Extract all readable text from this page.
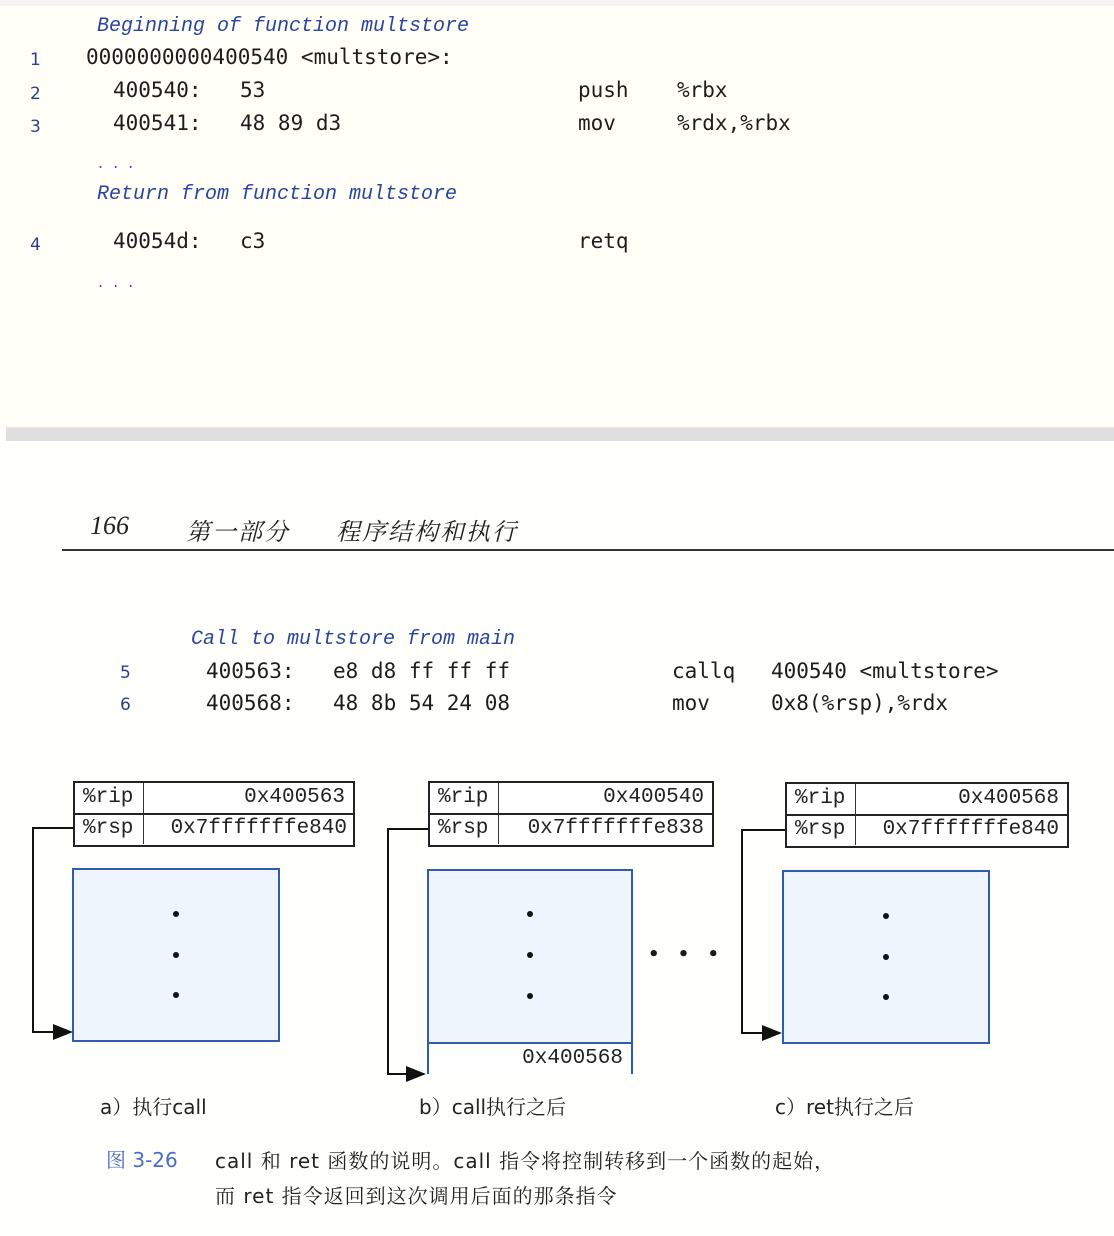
Beginning of function multstore
1 0000000000400540 <multstore>:
2	400540: 53	push %rbx
3	400541: 48 89 d3	mov	%rdx,%rbx
...
Return from function multstore
4	40054d: c3	retq
...
166 第一部分 程序结构和执行
Call to multstore from main
5	400563: e8 d8 ff ff ff	callq 400540 <multstore>
6	400568: 48 8b 54 24 08	mov	0x8(%rsp),%rdx
%rip	0x400563
%rsp	0x7fffffffe840
a）执行call
%rip	0x400540
%rsp	0x7fffffffe838
0x400568
b）call执行之后
• • •
%rip	0x400568
%rsp	0x7fffffffe840
c）ret执行之后
图 3-26 call 和 ret 函数的说明。call 指令将控制转移到一个函数的起始，
而 ret 指令返回到这次调用后面的那条指令
